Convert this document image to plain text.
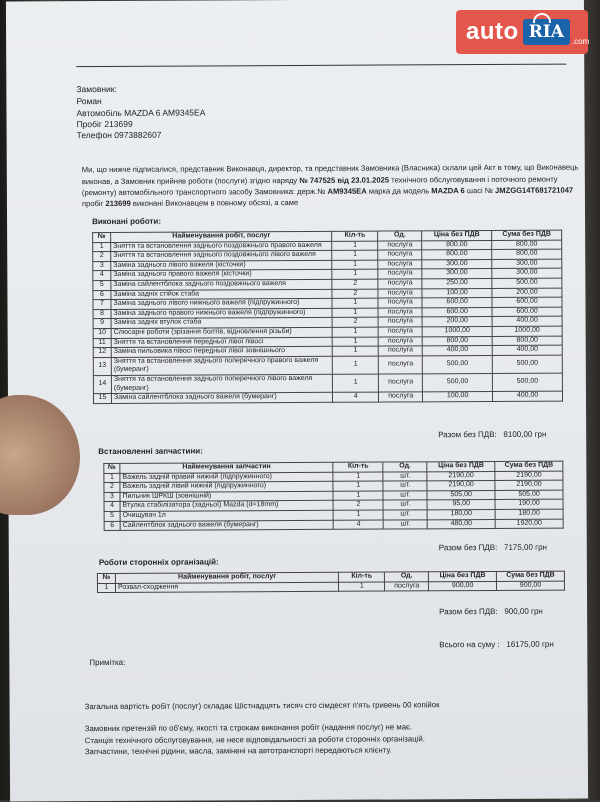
Замовник:
Роман
Автомобіль MAZDA 6 AM9345EA
Пробіг 213699
Телефон 0973882607
Ми, що нижче підписалися, представник Виконавця, директор, та представник Замовника (Власника) склали цей Акт в тому, що Виконавець
виконав, а Замовник прийняв роботи (послуги) згідно наряду № 747525 від 23.01.2025 технічного обслуговування і поточного ремонту
(ремонту) автомобільного транспортного засобу Замовника: держ.№ AM9345EA марка да модель MAZDA 6 шасі № JMZGG14T681721047
пробіг 213699 виконані Виконавцем в повному обсязі, а саме
Виконані роботи:
№	Найменування робіт, послуг	Кіл-ть	Од.	Ціна без ПДВ	Сума без ПДВ
1	Зняття та встановлення заднього поздовжнього правого важеля	1	послуга	800,00	800,00
2	Зняття та встановлення заднього поздовжнього лівого важеля	1	послуга	800,00	800,00
3	Заміна заднього лівого важеля (кісточки)	1	послуга	300,00	300,00
4	Заміна заднього правого важеля (кісточки)	1	послуга	300,00	300,00
5	Заміна сайлентблока заднього поздовжнього важеля	2	послуга	250,00	500,00
6	Заміна задніх стійок стаба	2	послуга	100,00	200,00
7	Заміна заднього лівого нижнього важеля (підпружинного)	1	послуга	600,00	600,00
8	Заміна заднього правого нижнього важеля (підпружинного)	1	послуга	600,00	600,00
9	Заміна задніх втулок стаба	2	послуга	200,00	400,00
10	Слюсарні роботи (зрізання болтів, відновлення різьби)	1	послуга	1000,00	1000,00
11	Зняття та встановлення передньої лівої півосі	1	послуга	800,00	800,00
12	Заміна пильовика півосі передньої лівої зовнішнього	1	послуга	400,00	400,00
13	Зняття та встановлення заднього поперечного правого важеля (бумеранг)	1	послуга	500,00	500,00
14	Зняття та встановлення заднього поперечного лівого важеля (бумеранг)	1	послуга	500,00	500,00
15	Заміна сайлентблока заднього важеля (бумеранг)	4	послуга	100,00	400,00
Разом без ПДВ: 8100,00 грн
Встановленні запчастини:
№	Найменування запчастин	Кіл-ть	Од.	Ціна без ПДВ	Сума без ПДВ
1	Важель задній правий нижній (підпружинного)	1	шт.	2190,00	2190,00
2	Важель задній лівий нижній (підпружинного)	1	шт.	2190,00	2190,00
3	Пильник ШРКШ (зовнішній)	1	шт.	505,00	505,00
4	Втулка стабілізатора (задньої) Mazda (d=18mm)	2	шт.	95,00	190,00
5	Очищувач 1л	1	шт.	180,00	180,00
6	Сайлентблок заднього важеля (бумеранг)	4	шт.	480,00	1920,00
Разом без ПДВ: 7175,00 грн
Роботи сторонніх організацій:
№	Найменування робіт, послуг	Кіл-ть	Од.	Ціна без ПДВ	Сума без ПДВ
1	Розвал-сходження	1	послуга	900,00	900,00
Разом без ПДВ: 900,00 грн
Всього на суму : 16175,00 грн
Примітка:
Загальна вартість робіт (послуг) складає Шістнадцять тисяч сто сімдесят п'ять гривень 00 копійок
Замовник претензій по об'єму, якості та строкам виконання робіт (надання послуг) не має.
Станція технічного обслуговування, не несе відповідальності за роботи сторонніх організацій.
Запчастини, технічні рідини, масла, замінені на автотранспорті передаються клієнту.
auto RIA	.com
